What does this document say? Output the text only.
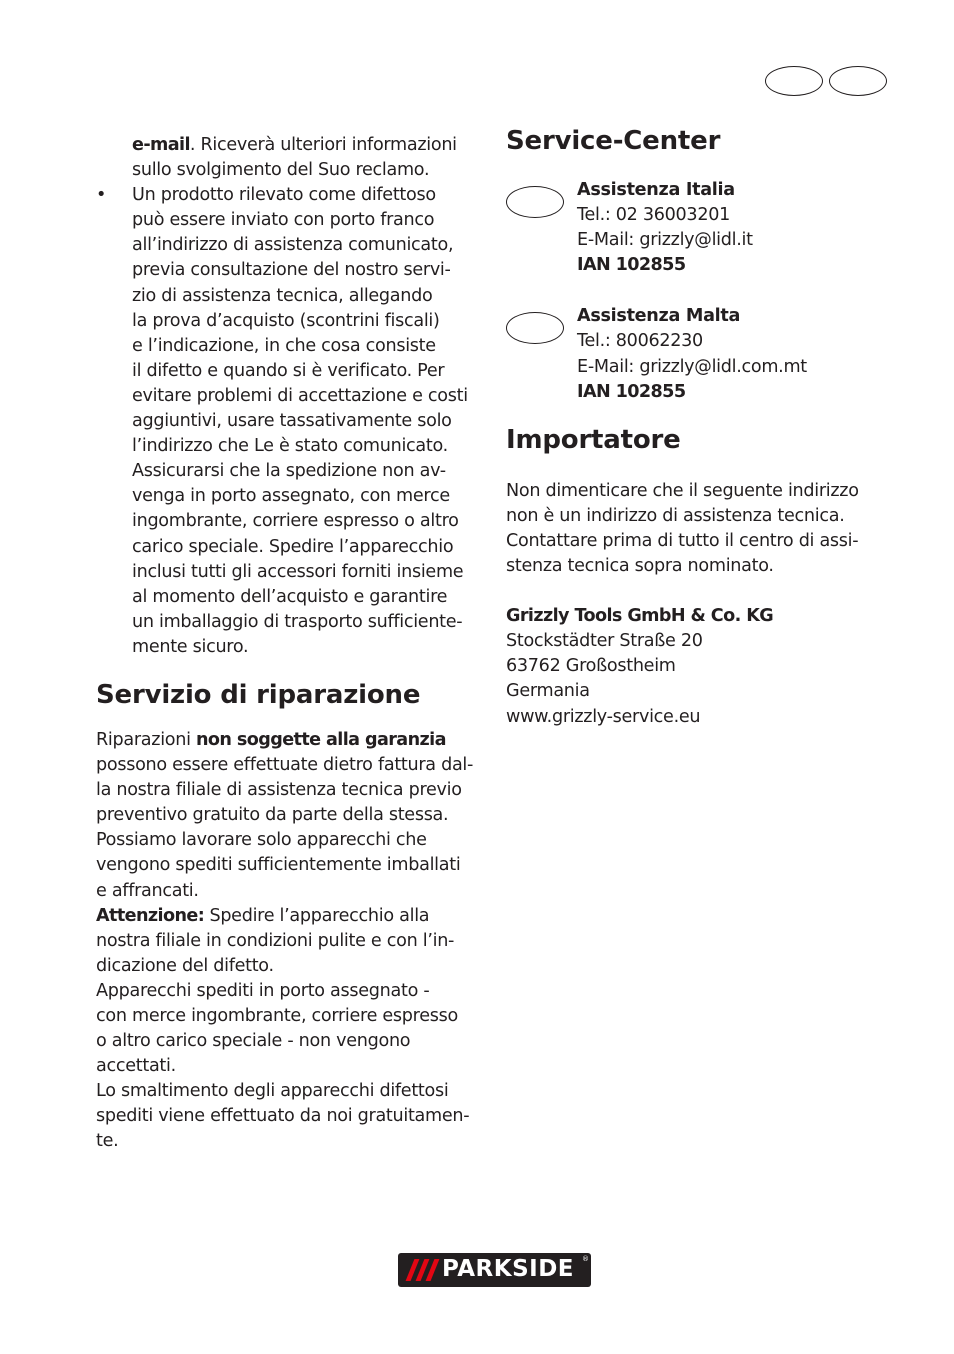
e-mail. Riceverà ulteriori informazioni
sullo svolgimento del Suo reclamo.
• Un prodotto rilevato come difettoso
può essere inviato con porto franco
all’indirizzo di assistenza comunicato,
previa consultazione del nostro servi-
zio di assistenza tecnica, allegando
la prova d’acquisto (scontrini fiscali)
e l’indicazione, in che cosa consiste
il difetto e quando si è verificato. Per
evitare problemi di accettazione e costi
aggiuntivi, usare tassativamente solo
l’indirizzo che Le è stato comunicato.
Assicurarsi che la spedizione non av-
venga in porto assegnato, con merce
ingombrante, corriere espresso o altro
carico speciale. Spedire l’apparecchio
inclusi tutti gli accessori forniti insieme
al momento dell’acquisto e garantire
un imballaggio di trasporto sufficiente-
mente sicuro.
Servizio di riparazione
Riparazioni non soggette alla garanzia
possono essere effettuate dietro fattura dal-
la nostra filiale di assistenza tecnica previo
preventivo gratuito da parte della stessa.
Possiamo lavorare solo apparecchi che
vengono spediti sufficientemente imballati
e affrancati.
Attenzione: Spedire l’apparecchio alla
nostra filiale in condizioni pulite e con l’in-
dicazione del difetto.
Apparecchi spediti in porto assegnato -
con merce ingombrante, corriere espresso
o altro carico speciale - non vengono
accettati.
Lo smaltimento degli apparecchi difettosi
spediti viene effettuato da noi gratuitamen-
te.
Service-Center
Assistenza Italia
Tel.: 02 36003201
E-Mail: grizzly@lidl.it
IAN 102855
Assistenza Malta
Tel.: 80062230
E-Mail: grizzly@lidl.com.mt
IAN 102855
Importatore
Non dimenticare che il seguente indirizzo
non è un indirizzo di assistenza tecnica.
Contattare prima di tutto il centro di assi-
stenza tecnica sopra nominato.
Grizzly Tools GmbH & Co. KG
Stockstädter Straße 20
63762 Großostheim
Germania
www.grizzly-service.eu
PARKSIDE ®
